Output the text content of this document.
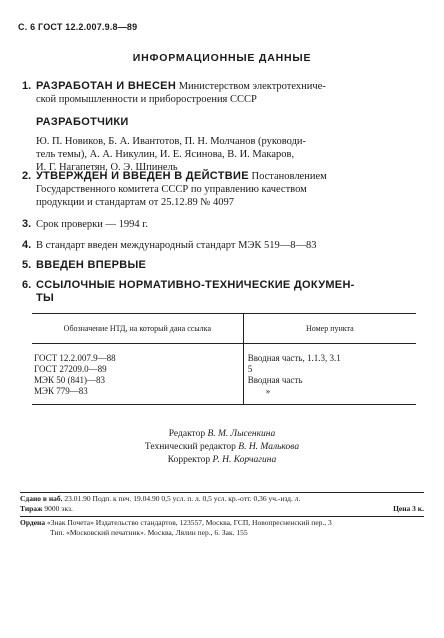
С. 6 ГОСТ 12.2.007.9.8—89
ИНФОРМАЦИОННЫЕ ДАННЫЕ
1. РАЗРАБОТАН И ВНЕСЕН Министерством электротехниче-
ской промышленности и приборостроения СССР
РАЗРАБОТЧИКИ
Ю. П. Новиков, Б. А. Ивантотов, П. Н. Молчанов (руководи-
тель темы), А. А. Никулин, И. Е. Ясинова, В. И. Макаров,
И. Г. Нагапетян, О. Э. Шпинель
2. УТВЕРЖДЕН И ВВЕДЕН В ДЕЙСТВИЕ Постановлением
Государственного комитета СССР по управлению качеством
продукции и стандартам от 25.12.89 № 4097
3. Срок проверки — 1994 г.
4. В стандарт введен международный стандарт МЭК 519—8—83
5. ВВЕДЕН ВПЕРВЫЕ
6. ССЫЛОЧНЫЕ НОРМАТИВНО-ТЕХНИЧЕСКИЕ ДОКУМЕН-
ТЫ
Обозначение НТД, на который дана ссылка	Номер пункта

ГОСТ 12.2.007.9—88	Вводная часть, 1.1.3, 3.1
ГОСТ 27209.0—89	5
МЭК 50 (841)—83	Вводная часть
МЭК 779—83	»

Редактор В. М. Лысенкина
Технический редактор В. Н. Малькова
Корректор Р. Н. Корчагина
Сдано в наб. 23.01.90 Подп. к печ. 19.04.90 0,5 усл. п. л. 0,5 усл. кр.-отт. 0,36 уч.-изд. л.
Тираж 9000 экз.	Цена 3 к.
Ордена «Знак Почета» Издательство стандартов, 123557, Москва, ГСП, Новопресненский пер., 3
Тип. «Московский печатник». Москва, Лялин пер., 6. Зак. 155
